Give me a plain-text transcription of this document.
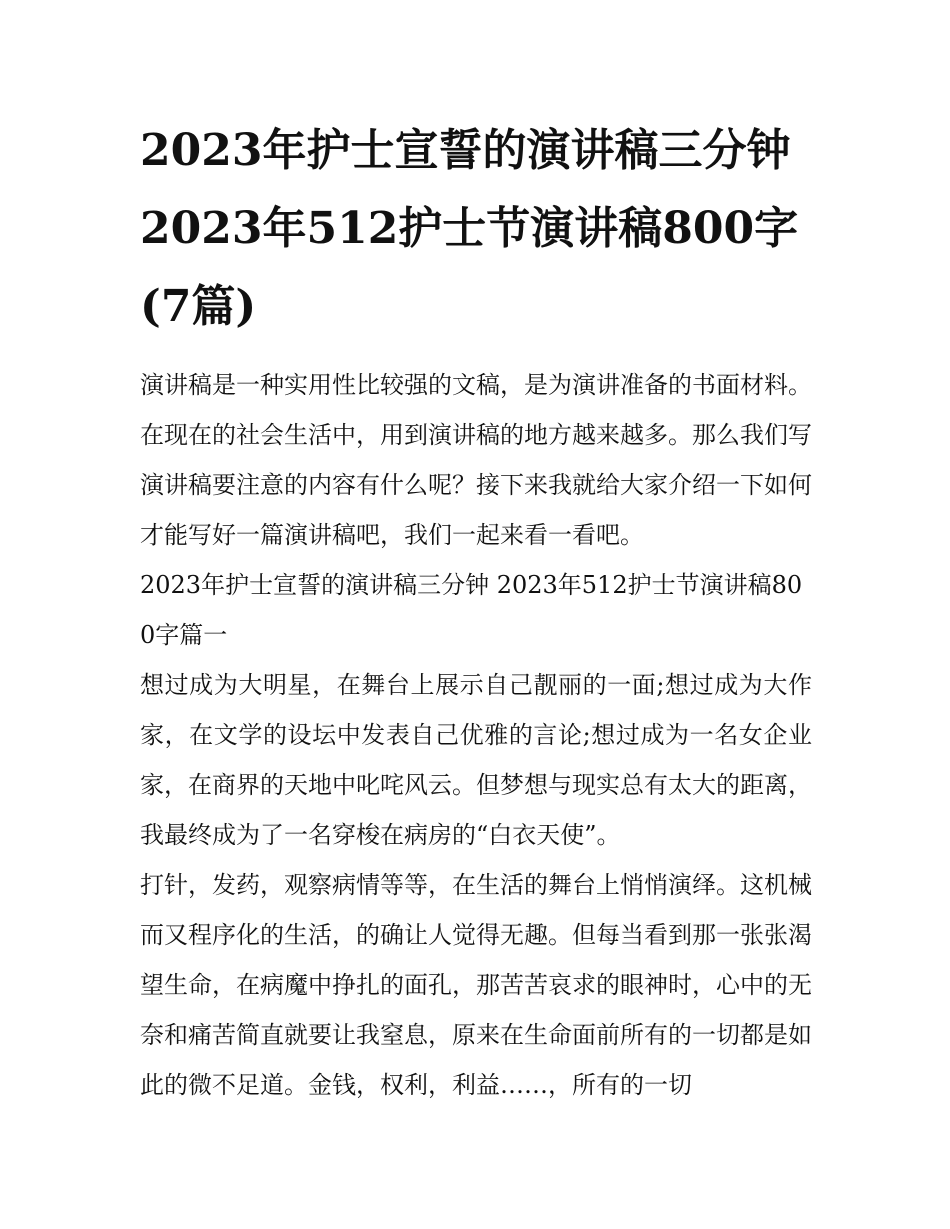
2023年护士宣誓的演讲稿三分钟 2023年512护士节演讲稿800字(7篇)

演讲稿是一种实用性比较强的文稿，是为演讲准备的书面材料。在现在的社会生活中，用到演讲稿的地方越来越多。那么我们写演讲稿要注意的内容有什么呢？接下来我就给大家介绍一下如何才能写好一篇演讲稿吧，我们一起来看一看吧。

2023年护士宣誓的演讲稿三分钟 2023年512护士节演讲稿800字篇一

想过成为大明星，在舞台上展示自己靓丽的一面;想过成为大作家，在文学的设坛中发表自己优雅的言论;想过成为一名女企业家，在商界的天地中叱咤风云。但梦想与现实总有太大的距离，我最终成为了一名穿梭在病房的“白衣天使”。

打针，发药，观察病情等等，在生活的舞台上悄悄演绎。这机械而又程序化的生活，的确让人觉得无趣。但每当看到那一张张渴望生命，在病魔中挣扎的面孔，那苦苦哀求的眼神时，心中的无奈和痛苦简直就要让我窒息，原来在生命面前所有的一切都是如此的微不足道。金钱，权利，利益……，所有的一切
